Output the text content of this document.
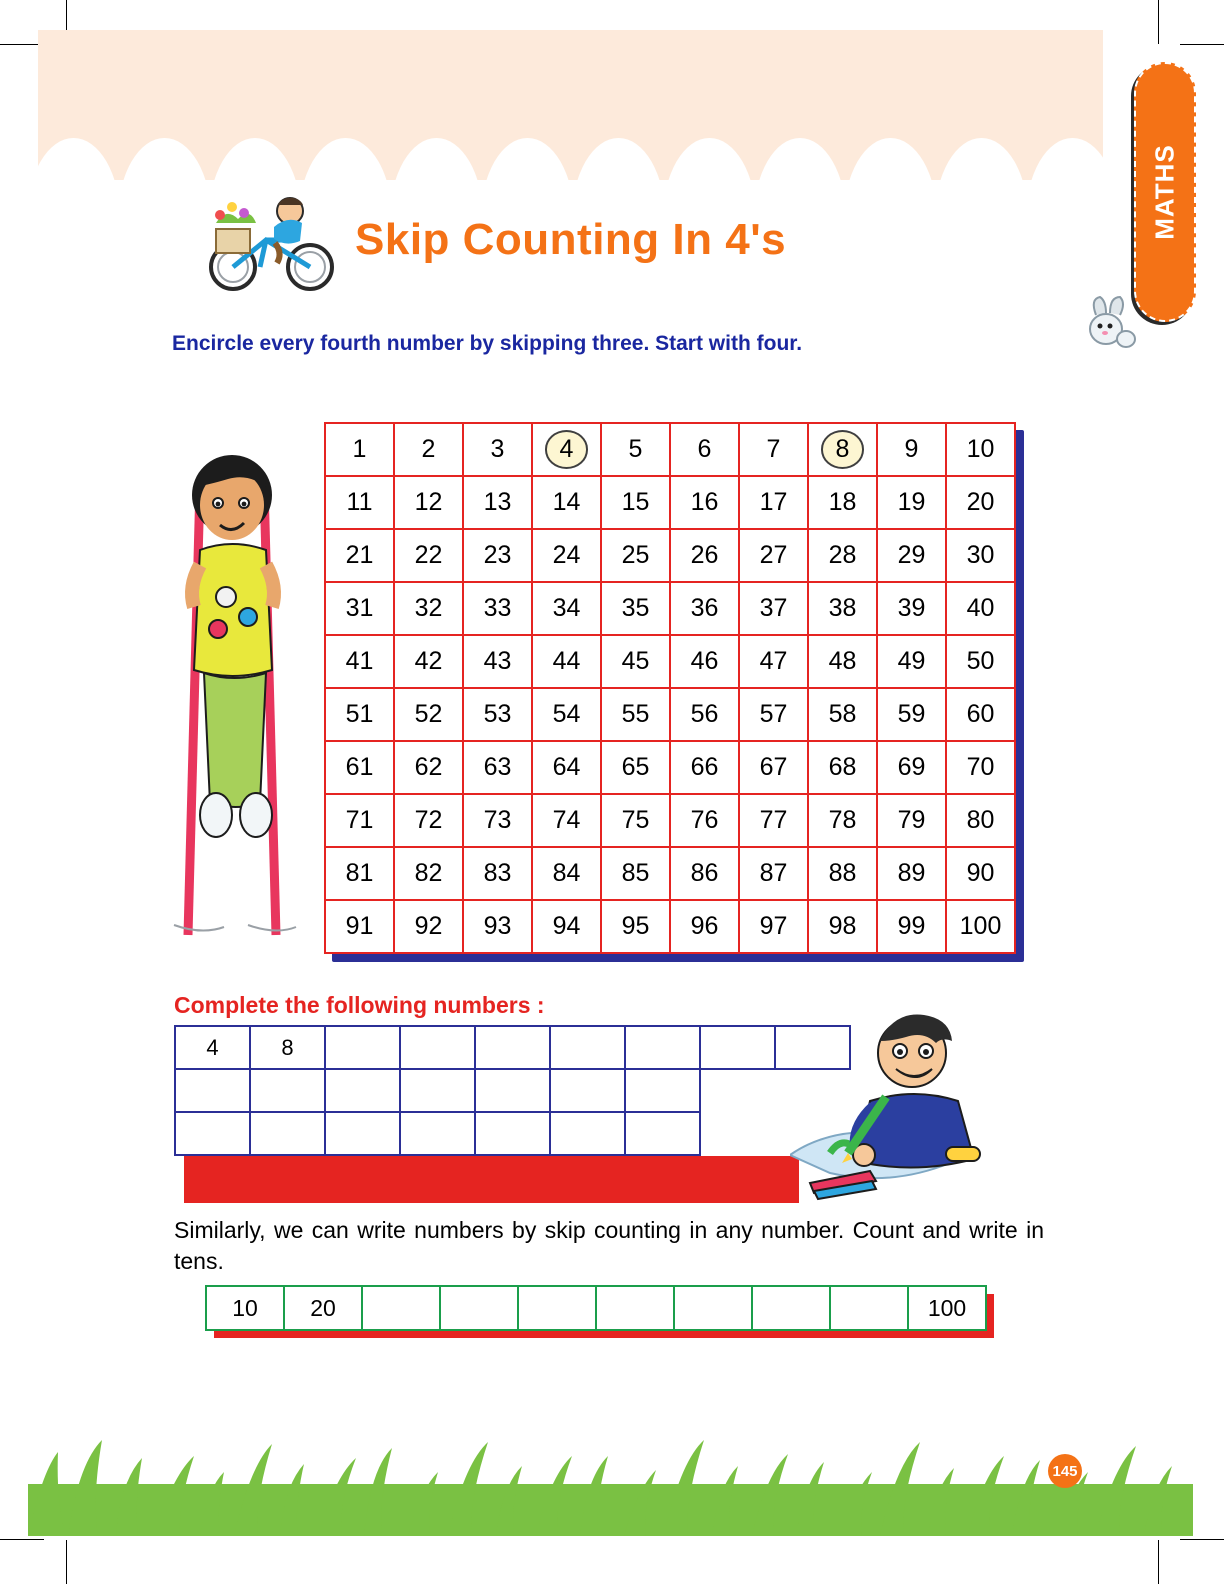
MATHS
Skip Counting In 4's
Encircle every fourth number by skipping three. Start with four.
1	2	3	4	5	6	7	8	9	10
11	12	13	14	15	16	17	18	19	20
21	22	23	24	25	26	27	28	29	30
31	32	33	34	35	36	37	38	39	40
41	42	43	44	45	46	47	48	49	50
51	52	53	54	55	56	57	58	59	60
61	62	63	64	65	66	67	68	69	70
71	72	73	74	75	76	77	78	79	80
81	82	83	84	85	86	87	88	89	90
91	92	93	94	95	96	97	98	99	100
Complete the following numbers :
4	8							

Similarly, we can write numbers by skip counting in any number. Count and write in tens.
10	20								100
145
